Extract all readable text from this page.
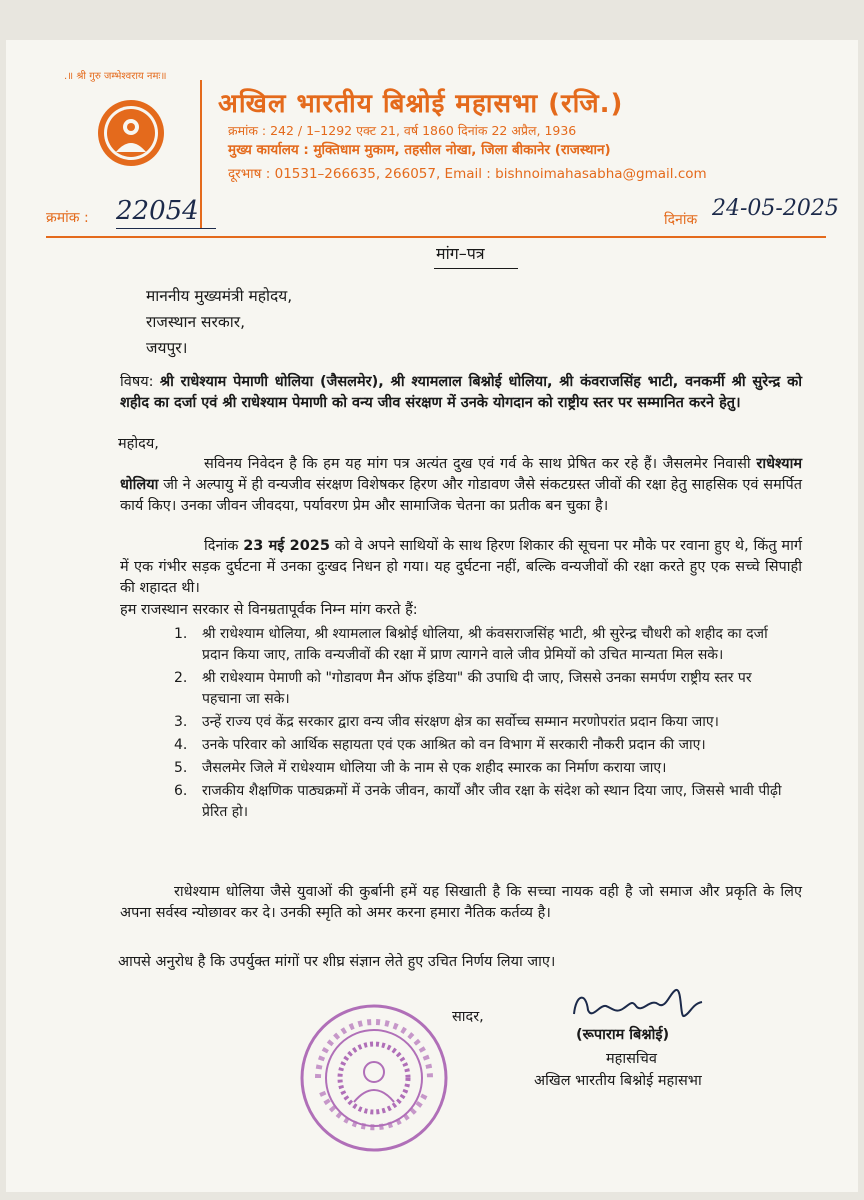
.॥ श्री गुरु जम्भेश्वराय नमः॥
अखिल भारतीय बिश्नोई महासभा (रजि.)
क्रमांक : 242 / 1–1292 एक्ट 21, वर्ष 1860 दिनांक 22 अप्रैल, 1936
मुख्य कार्यालय : मुक्तिधाम मुकाम, तहसील नोखा, जिला बीकानेर (राजस्थान)
दूरभाष : 01531–266635, 266057, Email : bishnoimahasabha@gmail.com
क्रमांक : 22054	दिनांक 24-05-2025
मांग–पत्र
माननीय मुख्यमंत्री महोदय,
राजस्थान सरकार,
जयपुर।
विषय: श्री राधेश्याम पेमाणी धोलिया (जैसलमेर), श्री श्यामलाल बिश्नोई धोलिया, श्री कंवराजसिंह भाटी, वनकर्मी श्री सुरेन्द्र को शहीद का दर्जा एवं श्री राधेश्याम पेमाणी को वन्य जीव संरक्षण में उनके योगदान को राष्ट्रीय स्तर पर सम्मानित करने हेतु।
महोदय,
सविनय निवेदन है कि हम यह मांग पत्र अत्यंत दुख एवं गर्व के साथ प्रेषित कर रहे हैं। जैसलमेर निवासी राधेश्याम धोलिया जी ने अल्पायु में ही वन्यजीव संरक्षण विशेषकर हिरण और गोडावण जैसे संकटग्रस्त जीवों की रक्षा हेतु साहसिक एवं समर्पित कार्य किए। उनका जीवन जीवदया, पर्यावरण प्रेम और सामाजिक चेतना का प्रतीक बन चुका है।
दिनांक 23 मई 2025 को वे अपने साथियों के साथ हिरण शिकार की सूचना पर मौके पर रवाना हुए थे, किंतु मार्ग में एक गंभीर सड़क दुर्घटना में उनका दुःखद निधन हो गया। यह दुर्घटना नहीं, बल्कि वन्यजीवों की रक्षा करते हुए एक सच्चे सिपाही की शहादत थी।
हम राजस्थान सरकार से विनम्रतापूर्वक निम्न मांग करते हैं:
1. श्री राधेश्याम धोलिया, श्री श्यामलाल बिश्नोई धोलिया, श्री कंवसराजसिंह भाटी, श्री सुरेन्द्र चौधरी को शहीद का दर्जा प्रदान किया जाए, ताकि वन्यजीवों की रक्षा में प्राण त्यागने वाले जीव प्रेमियों को उचित मान्यता मिल सके।
2. श्री राधेश्याम पेमाणी को "गोडावण मैन ऑफ इंडिया" की उपाधि दी जाए, जिससे उनका समर्पण राष्ट्रीय स्तर पर पहचाना जा सके।
3. उन्हें राज्य एवं केंद्र सरकार द्वारा वन्य जीव संरक्षण क्षेत्र का सर्वोच्च सम्मान मरणोपरांत प्रदान किया जाए।
4. उनके परिवार को आर्थिक सहायता एवं एक आश्रित को वन विभाग में सरकारी नौकरी प्रदान की जाए।
5. जैसलमेर जिले में राधेश्याम धोलिया जी के नाम से एक शहीद स्मारक का निर्माण कराया जाए।
6. राजकीय शैक्षणिक पाठ्यक्रमों में उनके जीवन, कार्यों और जीव रक्षा के संदेश को स्थान दिया जाए, जिससे भावी पीढ़ी प्रेरित हो।
राधेश्याम धोलिया जैसे युवाओं की कुर्बानी हमें यह सिखाती है कि सच्चा नायक वही है जो समाज और प्रकृति के लिए अपना सर्वस्व न्योछावर कर दे। उनकी स्मृति को अमर करना हमारा नैतिक कर्तव्य है।
आपसे अनुरोध है कि उपर्युक्त मांगों पर शीघ्र संज्ञान लेते हुए उचित निर्णय लिया जाए।
सादर,
(रूपाराम बिश्नोई)
महासचिव
अखिल भारतीय बिश्नोई महासभा
